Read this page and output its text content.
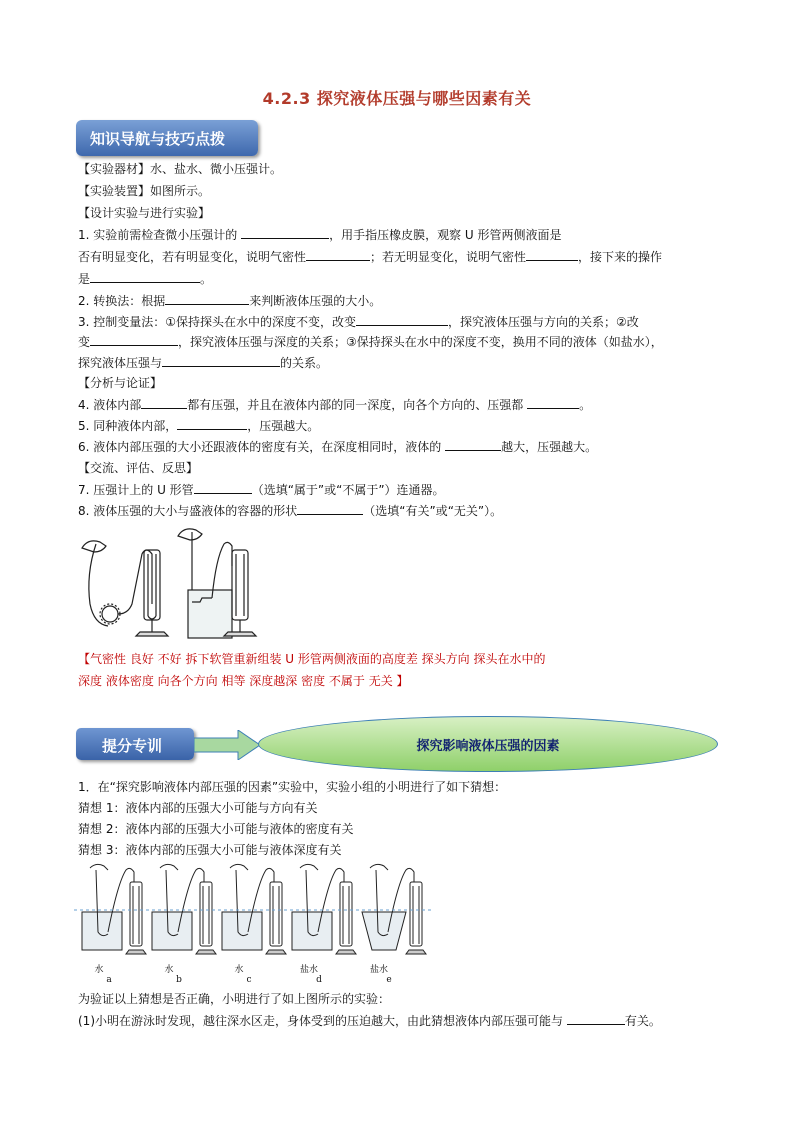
4.2.3 探究液体压强与哪些因素有关
知识导航与技巧点拨
【实验器材】水、盐水、微小压强计。
【实验装置】如图所示。
【设计实验与进行实验】
1. 实验前需检查微小压强计的	，用手指压橡皮膜，观察 U 形管两侧液面是
否有明显变化，若有明显变化，说明气密性	；若无明显变化，说明气密性	，接下来的操作
是	。
2. 转换法：根据	来判断液体压强的大小。
3. 控制变量法：①保持探头在水中的深度不变，改变	，探究液体压强与方向的关系；②改
变	，探究液体压强与深度的关系；③保持探头在水中的深度不变，换用不同的液体（如盐水），
探究液体压强与	的关系。
【分析与论证】
4. 液体内部	都有压强，并且在液体内部的同一深度，向各个方向的、压强都	。
5. 同种液体内部，	，压强越大。
6. 液体内部压强的大小还跟液体的密度有关，在深度相同时，液体的	越大，压强越大。
【交流、评估、反思】
7. 压强计上的 U 形管	（选填“属于”或“不属于”）连通器。
8. 液体压强的大小与盛液体的容器的形状	（选填“有关”或“无关”）。
【气密性 良好 不好 拆下软管重新组装 U 形管两侧液面的高度差 探头方向 探头在水中的
深度 液体密度 向各个方向 相等 深度越深 密度 不属于 无关 】
提分专训	探究影响液体压强的因素
1．在“探究影响液体内部压强的因素”实验中，实验小组的小明进行了如下猜想：
猜想 1：液体内部的压强大小可能与方向有关
猜想 2：液体内部的压强大小可能与液体的密度有关
猜想 3：液体内部的压强大小可能与液体深度有关
水
a
水
b
水
c
盐水
d
盐水
e
为验证以上猜想是否正确，小明进行了如上图所示的实验：
(1)小明在游泳时发现，越往深水区走，身体受到的压迫越大，由此猜想液体内部压强可能与	有关。
